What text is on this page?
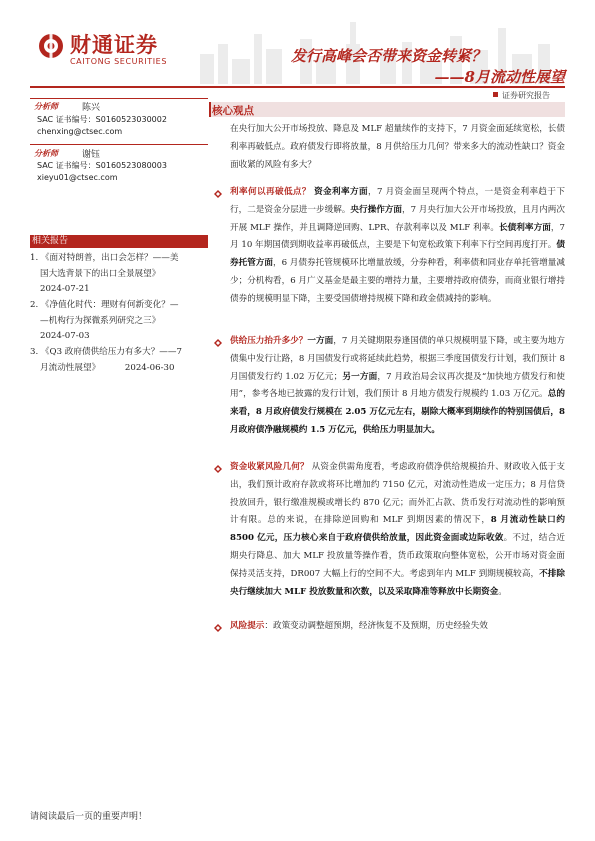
财通证券
CAITONG SECURITIES	发行高峰会否带来资金转紧？
——8月流动性展望
证券研究报告
分析师	陈兴
SAC 证书编号：S0160523030002
chenxing@ctsec.com
分析师	谢钰
SAC 证书编号：S0160523080003
xieyu01@ctsec.com
相关报告
1. 《面对特朗普，出口会怎样？——美
国大选背景下的出口全景展望》
2024-07-21
2. 《净值化时代：理财有何新变化？—
—机构行为探微系列研究之三》
2024-07-03
3. 《Q3 政府债供给压力有多大？——7
月流动性展望》	2024-06-30
核心观点
在央行加大公开市场投放、降息及 MLF 超量续作的支持下，7 月资金面延续宽松，长债利率再破低点。政府债发行即将放量，8 月供给压力几何？带来多大的流动性缺口？资金面收紧的风险有多大？
利率何以再破低点？ 资金利率方面，7 月资金面呈现两个特点，一是资金利率趋于下行，二是资金分层进一步缓解。央行操作方面，7 月央行加大公开市场投放，且月内两次开展 MLF 操作，并且调降逆回购、LPR、存款利率以及 MLF 利率。长债利率方面，7 月 10 年期国债到期收益率再破低点，主要是下旬宽松政策下利率下行空间再度打开。债券托管方面，6 月债券托管规模环比增量放缓，分券种看，利率债和同业存单托管增量减少；分机构看，6 月广义基金是最主要的增持力量，主要增持政府债券，而商业银行增持债券的规模明显下降，主要受国债增持规模下降和政金债减持的影响。
供给压力抬升多少？一方面，7 月关键期限券逢国债的单只规模明显下降，或主要为地方债集中发行让路，8 月国债发行或将延续此趋势，根据三季度国债发行计划，我们预计 8 月国债发行约 1.02 万亿元；另一方面，7 月政治局会议再次提及“加快地方债发行和使用”，参考各地已披露的发行计划，我们预计 8 月地方债发行规模约 1.03 万亿元。总的来看，8 月政府债发行规模在 2.05 万亿元左右，剔除大概率到期续作的特别国债后，8 月政府债净融规模约 1.5 万亿元，供给压力明显加大。
资金收紧风险几何？ 从资金供需角度看，考虑政府债净供给规模抬升、财政收入低于支出，我们预计政府存款或将环比增加约 7150 亿元，对流动性造成一定压力；8 月信贷投放回升，银行缴准规模或增长约 870 亿元；而外汇占款、货币发行对流动性的影响预计有限。总的来说，在排除逆回购和 MLF 到期因素的情况下，8 月流动性缺口约 8500 亿元，压力核心来自于政府债供给放量，因此资金面或边际收敛。不过，结合近期央行降息、加大 MLF 投放量等操作看，货币政策取向整体宽松，公开市场对资金面保持灵活支持，DR007 大幅上行的空间不大。考虑到年内 MLF 到期规模较高，不排除央行继续加大 MLF 投放数量和次数，以及采取降准等释放中长期资金。
风险提示：政策变动调整超预期，经济恢复不及预期，历史经验失效
请阅读最后一页的重要声明！
